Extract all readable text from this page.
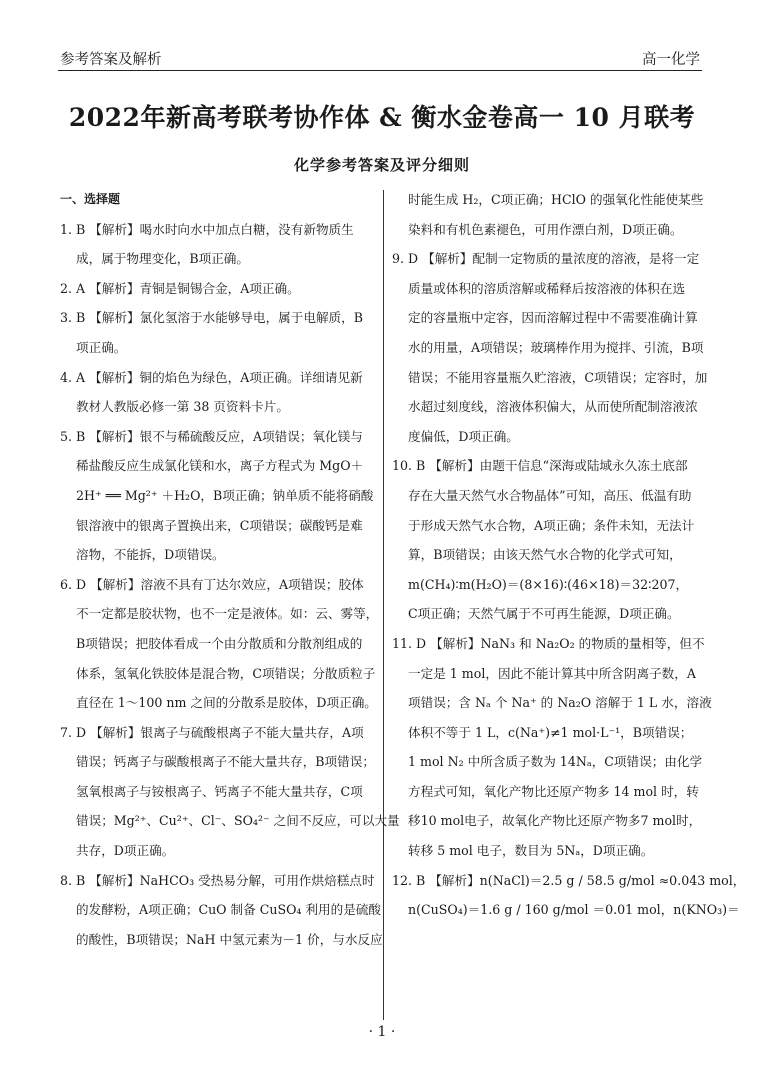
参考答案及解析	高一化学
2022年新高考联考协作体 & 衡水金卷高一 10 月联考
化学参考答案及评分细则
一、选择题
1. B 【解析】喝水时向水中加点白糖，没有新物质生
成，属于物理变化，B项正确。
2. A 【解析】青铜是铜锡合金，A项正确。
3. B 【解析】氯化氢溶于水能够导电，属于电解质，B
项正确。
4. A 【解析】铜的焰色为绿色，A项正确。详细请见新
教材人教版必修一第 38 页资料卡片。
5. B 【解析】银不与稀硫酸反应，A项错误；氧化镁与
稀盐酸反应生成氯化镁和水，离子方程式为 MgO＋
2H⁺ ══ Mg²⁺ ＋H₂O，B项正确；钠单质不能将硝酸
银溶液中的银离子置换出来，C项错误；碳酸钙是难
溶物，不能拆，D项错误。
6. D 【解析】溶液不具有丁达尔效应，A项错误；胶体
不一定都是胶状物，也不一定是液体。如：云、雾等，
B项错误；把胶体看成一个由分散质和分散剂组成的
体系，氢氧化铁胶体是混合物，C项错误；分散质粒子
直径在 1～100 nm 之间的分散系是胶体，D项正确。
7. D 【解析】银离子与硫酸根离子不能大量共存，A项
错误；钙离子与碳酸根离子不能大量共存，B项错误；
氢氧根离子与铵根离子、钙离子不能大量共存，C项
错误；Mg²⁺、Cu²⁺、Cl⁻、SO₄²⁻ 之间不反应，可以大量
共存，D项正确。
8. B 【解析】NaHCO₃ 受热易分解，可用作烘焙糕点时
的发酵粉，A项正确；CuO 制备 CuSO₄ 利用的是硫酸
的酸性，B项错误；NaH 中氢元素为－1 价，与水反应
时能生成 H₂，C项正确；HClO 的强氧化性能使某些
染料和有机色素褪色，可用作漂白剂，D项正确。
9. D 【解析】配制一定物质的量浓度的溶液，是将一定
质量或体积的溶质溶解或稀释后按溶液的体积在选
定的容量瓶中定容，因而溶解过程中不需要准确计算
水的用量，A项错误；玻璃棒作用为搅拌、引流，B项
错误；不能用容量瓶久贮溶液，C项错误；定容时，加
水超过刻度线，溶液体积偏大，从而使所配制溶液浓
度偏低，D项正确。
10. B 【解析】由题干信息“深海或陆域永久冻土底部
存在大量天然气水合物晶体”可知，高压、低温有助
于形成天然气水合物，A项正确；条件未知，无法计
算，B项错误；由该天然气水合物的化学式可知，
m(CH₄)∶m(H₂O)＝(8×16)∶(46×18)＝32∶207，
C项正确；天然气属于不可再生能源，D项正确。
11. D 【解析】NaN₃ 和 Na₂O₂ 的物质的量相等，但不
一定是 1 mol，因此不能计算其中所含阴离子数，A
项错误；含 Nₐ 个 Na⁺ 的 Na₂O 溶解于 1 L 水，溶液
体积不等于 1 L，c(Na⁺)≠1 mol·L⁻¹，B项错误；
1 mol N₂ 中所含质子数为 14Nₐ，C项错误；由化学
方程式可知，氧化产物比还原产物多 14 mol 时，转
移10 mol电子，故氧化产物比还原产物多7 mol时，
转移 5 mol 电子，数目为 5Nₐ，D项正确。
12. B 【解析】n(NaCl)＝2.5 g / 58.5 g/mol ≈0.043 mol，
n(CuSO₄)＝1.6 g / 160 g/mol ＝0.01 mol，n(KNO₃)＝
· 1 ·
